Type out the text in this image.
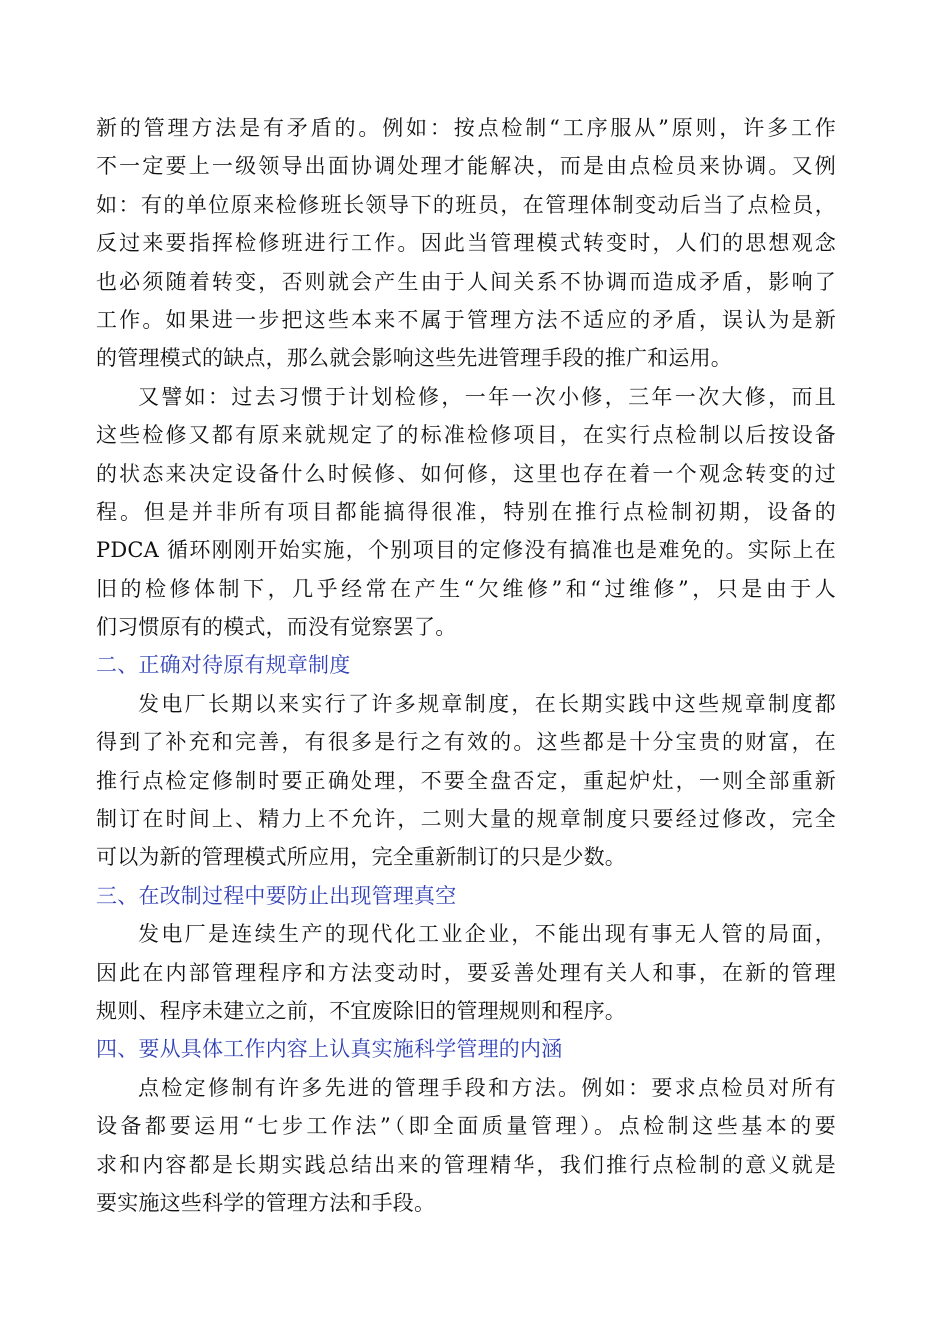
新的管理方法是有矛盾的。例如：按点检制“工序服从”原则，许多工作
不一定要上一级领导出面协调处理才能解决，而是由点检员来协调。又例
如：有的单位原来检修班长领导下的班员，在管理体制变动后当了点检员，
反过来要指挥检修班进行工作。因此当管理模式转变时，人们的思想观念
也必须随着转变，否则就会产生由于人间关系不协调而造成矛盾，影响了
工作。如果进一步把这些本来不属于管理方法不适应的矛盾，误认为是新
的管理模式的缺点，那么就会影响这些先进管理手段的推广和运用。
又譬如：过去习惯于计划检修，一年一次小修，三年一次大修，而且
这些检修又都有原来就规定了的标准检修项目，在实行点检制以后按设备
的状态来决定设备什么时候修、如何修，这里也存在着一个观念转变的过
程。但是并非所有项目都能搞得很准，特别在推行点检制初期，设备的
PDCA 循环刚刚开始实施，个别项目的定修没有搞准也是难免的。实际上在
旧的检修体制下，几乎经常在产生“欠维修”和“过维修”，只是由于人
们习惯原有的模式，而没有觉察罢了。
二、正确对待原有规章制度
发电厂长期以来实行了许多规章制度，在长期实践中这些规章制度都
得到了补充和完善，有很多是行之有效的。这些都是十分宝贵的财富，在
推行点检定修制时要正确处理，不要全盘否定，重起炉灶，一则全部重新
制订在时间上、精力上不允许，二则大量的规章制度只要经过修改，完全
可以为新的管理模式所应用，完全重新制订的只是少数。
三、在改制过程中要防止出现管理真空
发电厂是连续生产的现代化工业企业，不能出现有事无人管的局面，
因此在内部管理程序和方法变动时，要妥善处理有关人和事，在新的管理
规则、程序未建立之前，不宜废除旧的管理规则和程序。
四、要从具体工作内容上认真实施科学管理的内涵
点检定修制有许多先进的管理手段和方法。例如：要求点检员对所有
设备都要运用“七步工作法”（即全面质量管理）。点检制这些基本的要
求和内容都是长期实践总结出来的管理精华，我们推行点检制的意义就是
要实施这些科学的管理方法和手段。
